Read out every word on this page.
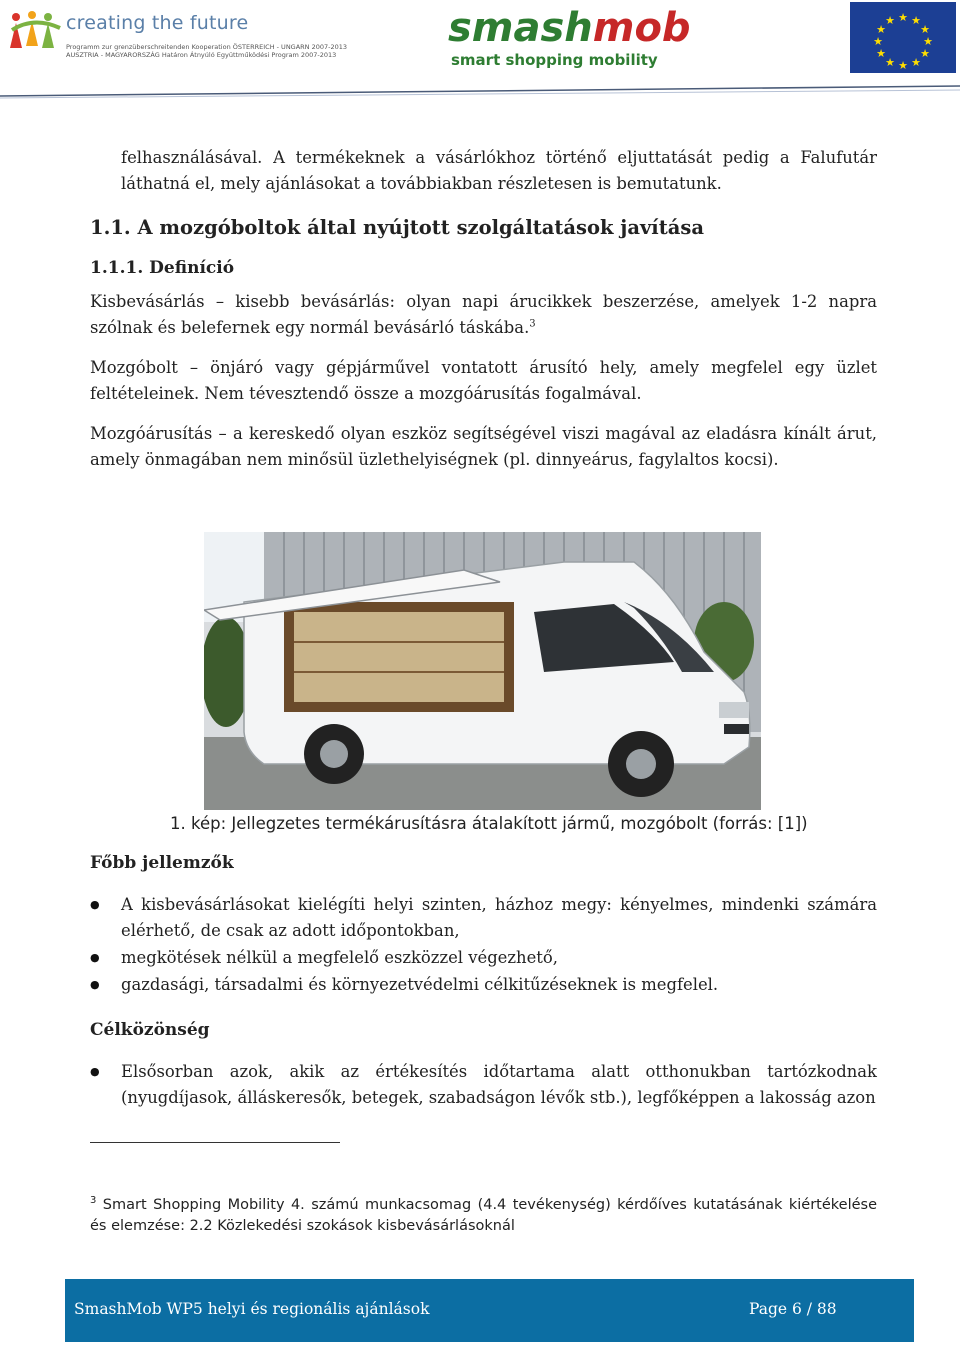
creating the future
Programm zur grenzüberschreitenden Kooperation ÖSTERREICH - UNGARN 2007-2013
AUSZTRIA - MAGYARORSZÁG Határon Átnyúló Együttműködési Program 2007-2013
smashmob
smart shopping mobility
★ ★
★
★
★
★
★
★
★
★
★
★

felhasználásával. A termékeknek a vásárlókhoz történő eljuttatását pedig a Falufutár láthatná el, mely ajánlásokat a továbbiakban részletesen is bemutatunk.

1.1. A mozgóboltok által nyújtott szolgáltatások javítása
1.1.1. Definíció

Kisbevásárlás – kisebb bevásárlás: olyan napi árucikkek beszerzése, amelyek 1-2 napra szólnak és belefernek egy normál bevásárló táskába.$^3$

Mozgóbolt – önjáró vagy gépjárművel vontatott árusító hely, amely megfelel egy üzlet feltételeinek. Nem tévesztendő össze a mozgóárusítás fogalmával.

Mozgóárusítás – a kereskedő olyan eszköz segítségével viszi magával az eladásra kínált árut, amely önmagában nem minősül üzlethelyiségnek (pl. dinnyeárus, fagylaltos kocsi).

1. kép: Jellegzetes termékárusításra átalakított jármű, mozgóbolt (forrás: [1])
Főbb jellemzők
● A kisbevásárlásokat kielégíti helyi szinten, házhoz megy: kényelmes, mindenki számára elérhető, de csak az adott időpontokban,
● megkötések nélkül a megfelelő eszközzel végezhető,
● gazdasági, társadalmi és környezetvédelmi célkitűzéseknek is megfelel.
Célközönség
● Elsősorban azok, akik az értékesítés időtartama alatt otthonukban tartózkodnak (nyugdíjasok, álláskeresők, betegek, szabadságon lévők stb.), legfőképpen a lakosság azon
$^3$ Smart Shopping Mobility 4. számú munkacsomag (4.4 tevékenység) kérdőíves kutatásának kiértékelése és elemzése: 2.2 Közlekedési szokások kisbevásárlásoknál
SmashMob WP5 helyi és regionális ajánlások	Page 6 / 88
